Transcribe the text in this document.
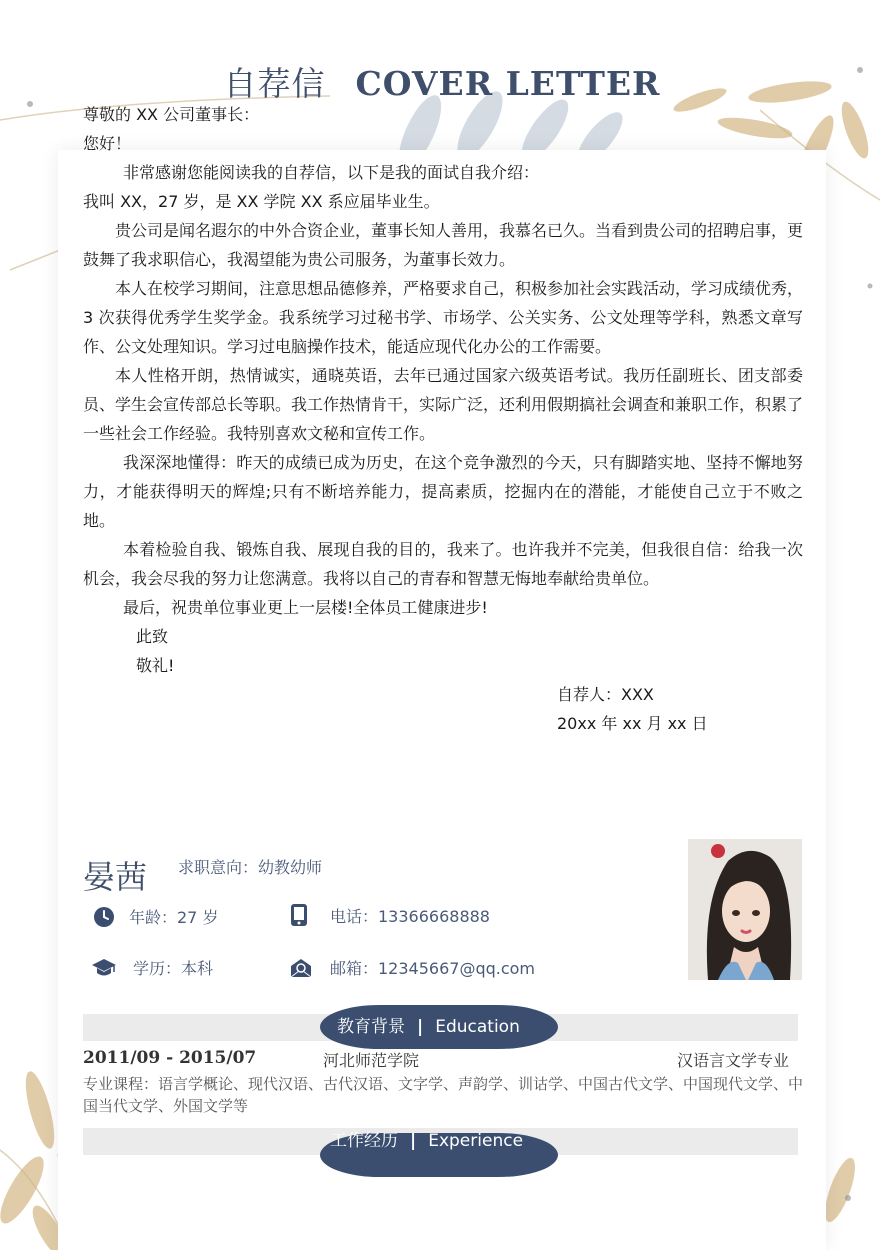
自荐信 COVER LETTER

尊敬的 XX 公司董事长：

您好！

非常感谢您能阅读我的自荐信，以下是我的面试自我介绍：

我叫 XX，27 岁，是 XX 学院 XX 系应届毕业生。

贵公司是闻名遐尔的中外合资企业，董事长知人善用，我慕名已久。当看到贵公司的招聘启事，更鼓舞了我求职信心，我渴望能为贵公司服务，为董事长效力。

本人在校学习期间，注意思想品德修养，严格要求自己，积极参加社会实践活动，学习成绩优秀，3 次获得优秀学生奖学金。我系统学习过秘书学、市场学、公关实务、公文处理等学科，熟悉文章写作、公文处理知识。学习过电脑操作技术，能适应现代化办公的工作需要。

本人性格开朗，热情诚实，通晓英语，去年已通过国家六级英语考试。我历任副班长、团支部委员、学生会宣传部总长等职。我工作热情肯干，实际广泛，还利用假期搞社会调查和兼职工作，积累了一些社会工作经验。我特别喜欢文秘和宣传工作。

我深深地懂得：昨天的成绩已成为历史，在这个竞争激烈的今天，只有脚踏实地、坚持不懈地努力，才能获得明天的辉煌;只有不断培养能力，提高素质，挖掘内在的潜能，才能使自己立于不败之地。

本着检验自我、锻炼自我、展现自我的目的，我来了。也许我并不完美，但我很自信：给我一次机会，我会尽我的努力让您满意。我将以自己的青春和智慧无悔地奉献给贵单位。

最后，祝贵单位事业更上一层楼!全体员工健康进步!

此致

敬礼!

自荐人：XXX

20xx 年 xx 月 xx 日

晏茜 求职意向：幼教幼师
年龄：27 岁	电话：13366668888
学历：本科	邮箱：12345667@qq.com
教育背景 | Education
2011/09 - 2015/07	河北师范学院	汉语言文学专业
专业课程：语言学概论、现代汉语、古代汉语、文字学、声韵学、训诂学、中国古代文学、中国现代文学、中国当代文学、外国文学等
工作经历 | Experience
